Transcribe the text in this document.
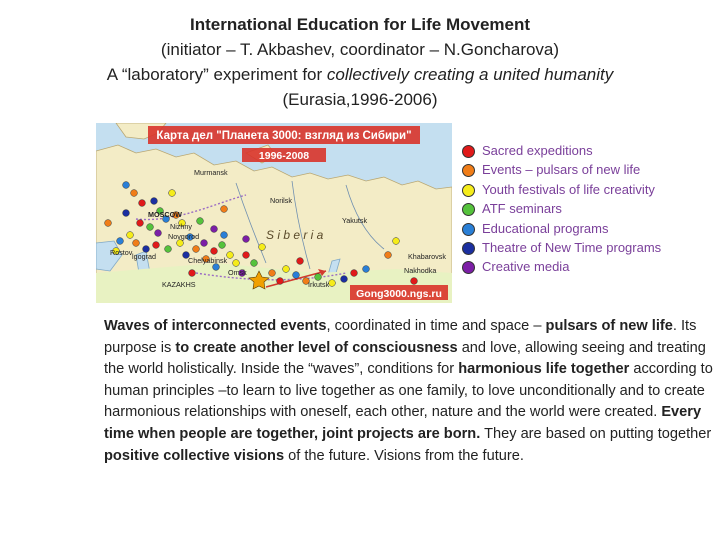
International Education for Life Movement
(initiator – T. Akbashev, coordinator – N.Goncharova)
A “laboratory” experiment for collectively creating a united humanity
(Eurasia,1996-2006)
Murmansk
MOSCOW
Nizhny
Novgorod
Rostov lgograd	Chelyabinsk
Omsk
KAZAKHS
Norilsk
Yakutsk
Khabarovsk
Nakhodka
Irkutsk
S i b e r i a
Карта дел "Планета 3000: взгляд из Сибири"
1996-2008
Gong3000.ngs.ru
Sacred expeditions
Events – pulsars of new life
Youth festivals of life creativity
ATF seminars
Educational programs
Theatre of New Time programs
Creative media
Waves of interconnected events, coordinated in time and space – pulsars of new life. Its purpose is to create another level of consciousness and love, allowing seeing and treating the world holistically. Inside the “waves”, conditions for harmonious life together according to human principles –to learn to live together as one family, to love unconditionally and to create harmonious relationships with oneself, each other, nature and the world were created. Every time when people are together, joint projects are born. They are based on putting together positive collective visions of the future. Visions from the future.
